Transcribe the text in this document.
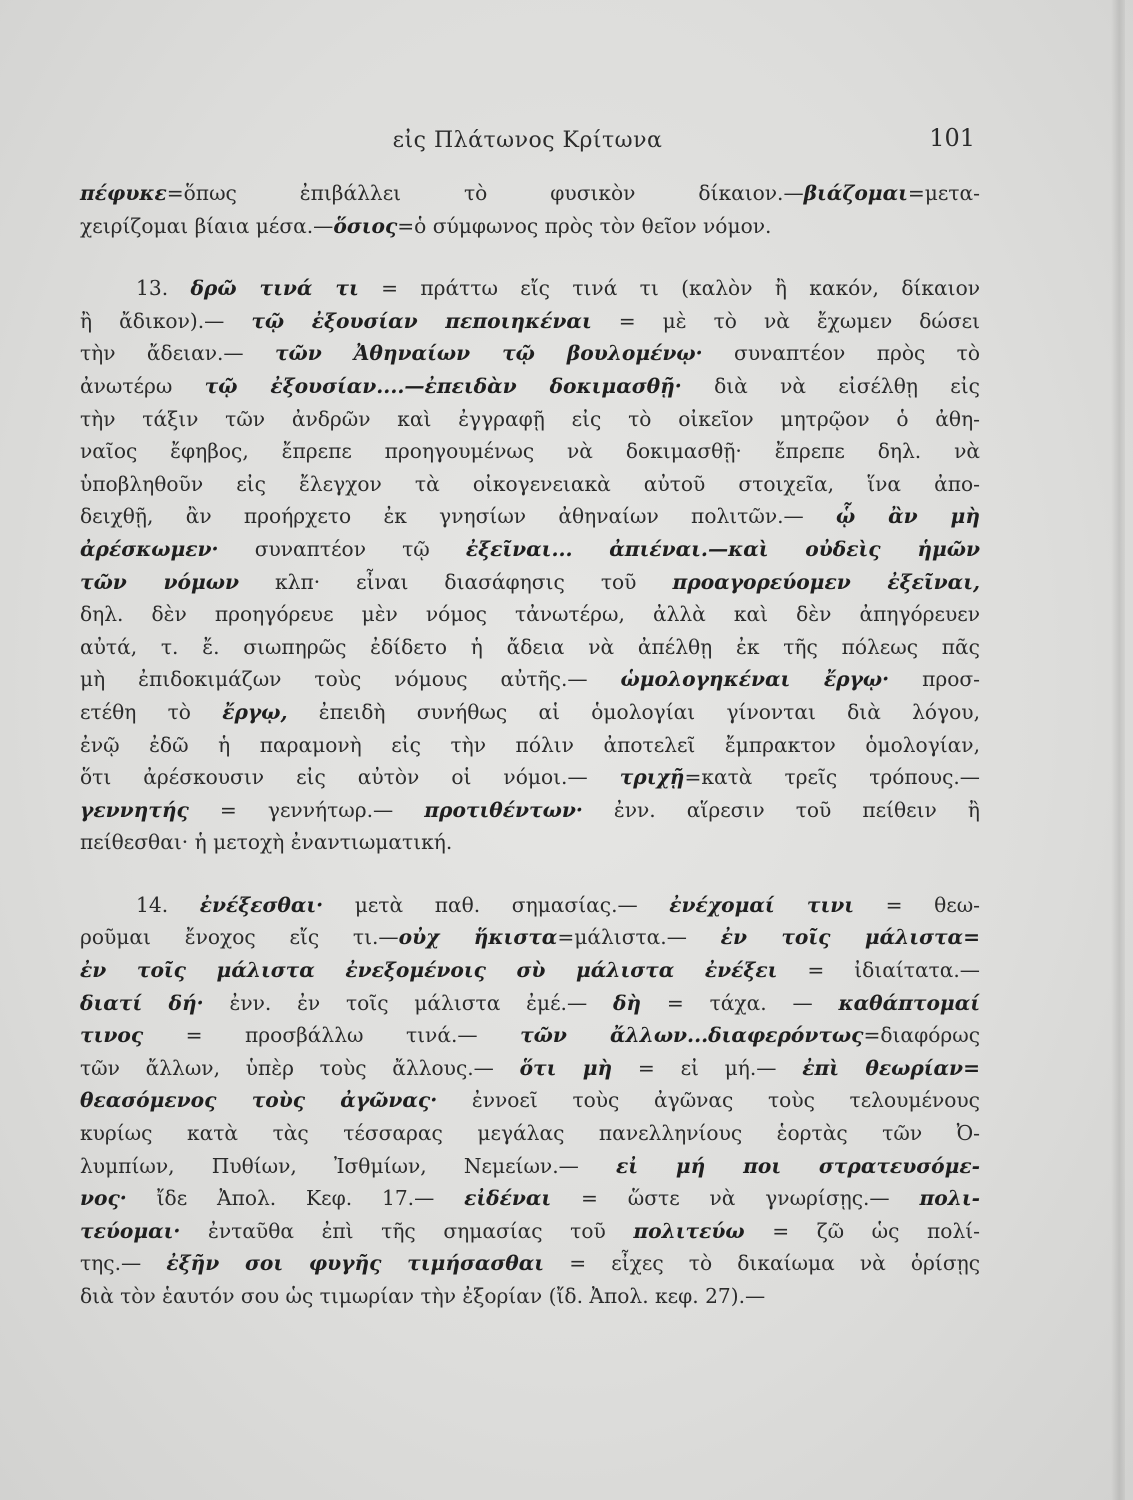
εἰς Πλάτωνος Κρίτωνα	101
πέφυκε=ὅπως ἐπιβάλλει τὸ φυσικὸν δίκαιον.—βιάζομαι=μετα-
χειρίζομαι βίαια μέσα.—ὅσιος=ὁ σύμφωνος πρὸς τὸν θεῖον νόμον.
13. δρῶ τινά τι = πράττω εἴς τινά τι (καλὸν ἢ κακόν, δίκαιον
ἢ ἄδικον).— τῷ ἐξουσίαν πεποιηκέναι = μὲ τὸ νὰ ἔχωμεν δώσει
τὴν ἄδειαν.— τῶν Ἀθηναίων τῷ βουλομένῳ· συναπτέον πρὸς τὸ
ἀνωτέρω τῷ ἐξουσίαν....—ἐπειδὰν δοκιμασθῇ· διὰ νὰ εἰσέλθῃ εἰς
τὴν τάξιν τῶν ἀνδρῶν καὶ ἐγγραφῇ εἰς τὸ οἰκεῖον μητρῷον ὁ ἀθη-
ναῖος ἔφηβος, ἔπρεπε προηγουμένως νὰ δοκιμασθῇ· ἔπρεπε δηλ. νὰ
ὑποβληθοῦν εἰς ἔλεγχον τὰ οἰκογενειακὰ αὐτοῦ στοιχεῖα, ἵνα ἀπο-
δειχθῇ, ἂν προήρχετο ἐκ γνησίων ἀθηναίων πολιτῶν.— ᾧ ἂν μὴ
ἀρέσκωμεν· συναπτέον τῷ ἐξεῖναι... ἀπιέναι.—καὶ οὐδεὶς ἡμῶν
τῶν νόμων κλπ· εἶναι διασάφησις τοῦ προαγορεύομεν ἐξεῖναι,
δηλ. δὲν προηγόρευε μὲν νόμος τἀνωτέρω, ἀλλὰ καὶ δὲν ἀπηγόρευεν
αὐτά, τ. ἔ. σιωπηρῶς ἐδίδετο ἡ ἄδεια νὰ ἀπέλθῃ ἐκ τῆς πόλεως πᾶς
μὴ ἐπιδοκιμάζων τοὺς νόμους αὐτῆς.— ὡμολογηκέναι ἔργῳ· προσ-
ετέθη τὸ ἔργῳ, ἐπειδὴ συνήθως αἱ ὁμολογίαι γίνονται διὰ λόγου,
ἐνῷ ἐδῶ ἡ παραμονὴ εἰς τὴν πόλιν ἀποτελεῖ ἔμπρακτον ὁμολογίαν,
ὅτι ἀρέσκουσιν εἰς αὐτὸν οἱ νόμοι.— τριχῇ=κατὰ τρεῖς τρόπους.—
γεννητής = γεννήτωρ.— προτιθέντων· ἐνν. αἵρεσιν τοῦ πείθειν ἢ
πείθεσθαι· ἡ μετοχὴ ἐναντιωματική.
14. ἐνέξεσθαι· μετὰ παθ. σημασίας.— ἐνέχομαί τινι = θεω-
ροῦμαι ἔνοχος εἴς τι.—οὐχ ἥκιστα=μάλιστα.— ἐν τοῖς μάλιστα=
ἐν τοῖς μάλιστα ἐνεξομένοις σὺ μάλιστα ἐνέξει = ἰδιαίτατα.—
διατί δή· ἐνν. ἐν τοῖς μάλιστα ἐμέ.— δὴ = τάχα. — καθάπτομαί
τινος = προσβάλλω τινά.— τῶν ἄλλων...διαφερόντως=διαφόρως
τῶν ἄλλων, ὑπὲρ τοὺς ἄλλους.— ὅτι μὴ = εἰ μή.— ἐπὶ θεωρίαν=
θεασόμενος τοὺς ἀγῶνας· ἐννοεῖ τοὺς ἀγῶνας τοὺς τελουμένους
κυρίως κατὰ τὰς τέσσαρας μεγάλας πανελληνίους ἑορτὰς τῶν Ὀ-
λυμπίων, Πυθίων, Ἰσθμίων, Νεμείων.— εἰ μή ποι στρατευσόμε-
νος· ἴδε Ἀπολ. Κεφ. 17.— εἰδέναι = ὥστε νὰ γνωρίσῃς.— πολι-
τεύομαι· ἐνταῦθα ἐπὶ τῆς σημασίας τοῦ πολιτεύω = ζῶ ὡς πολί-
της.— ἐξῆν σοι φυγῆς τιμήσασθαι = εἶχες τὸ δικαίωμα νὰ ὁρίσῃς
διὰ τὸν ἑαυτόν σου ὡς τιμωρίαν τὴν ἐξορίαν (ἴδ. Ἀπολ. κεφ. 27).—
